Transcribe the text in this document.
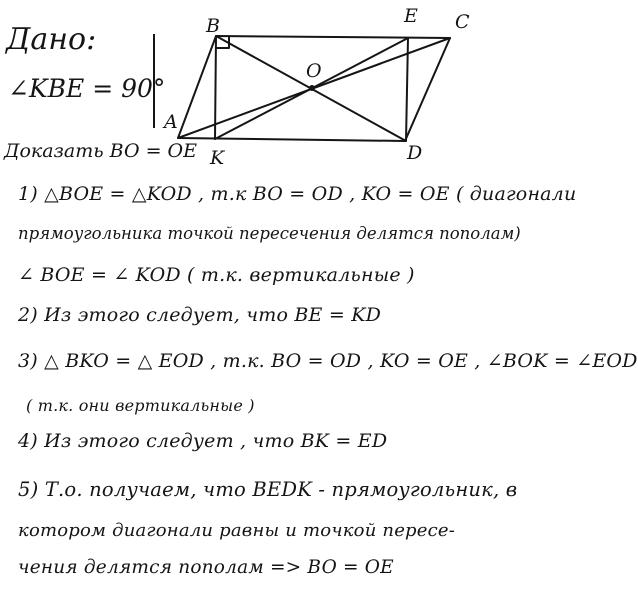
Дано:
∠KBE = 90°
A
B	E C
O
K	D
Доказать BO = OE
1) △BOE = △KOD , т.к BO = OD , KO = OE ( диагонали
прямоугольника точкой пересечения делятся пополам)
∠ BOE = ∠ KOD ( т.к. вертикальные )
2) Из этого следует, что BE = KD
3) △ BKO = △ EOD , т.к. BO = OD , KO = OE , ∠BOK = ∠EOD
( т.к. они вертикальные )
4) Из этого следует , что BK = ED
5) Т.о. получаем, что BEDK - прямоугольник, в
котором диагонали равны и точкой пересе-
чения делятся пополам => BO = OE
